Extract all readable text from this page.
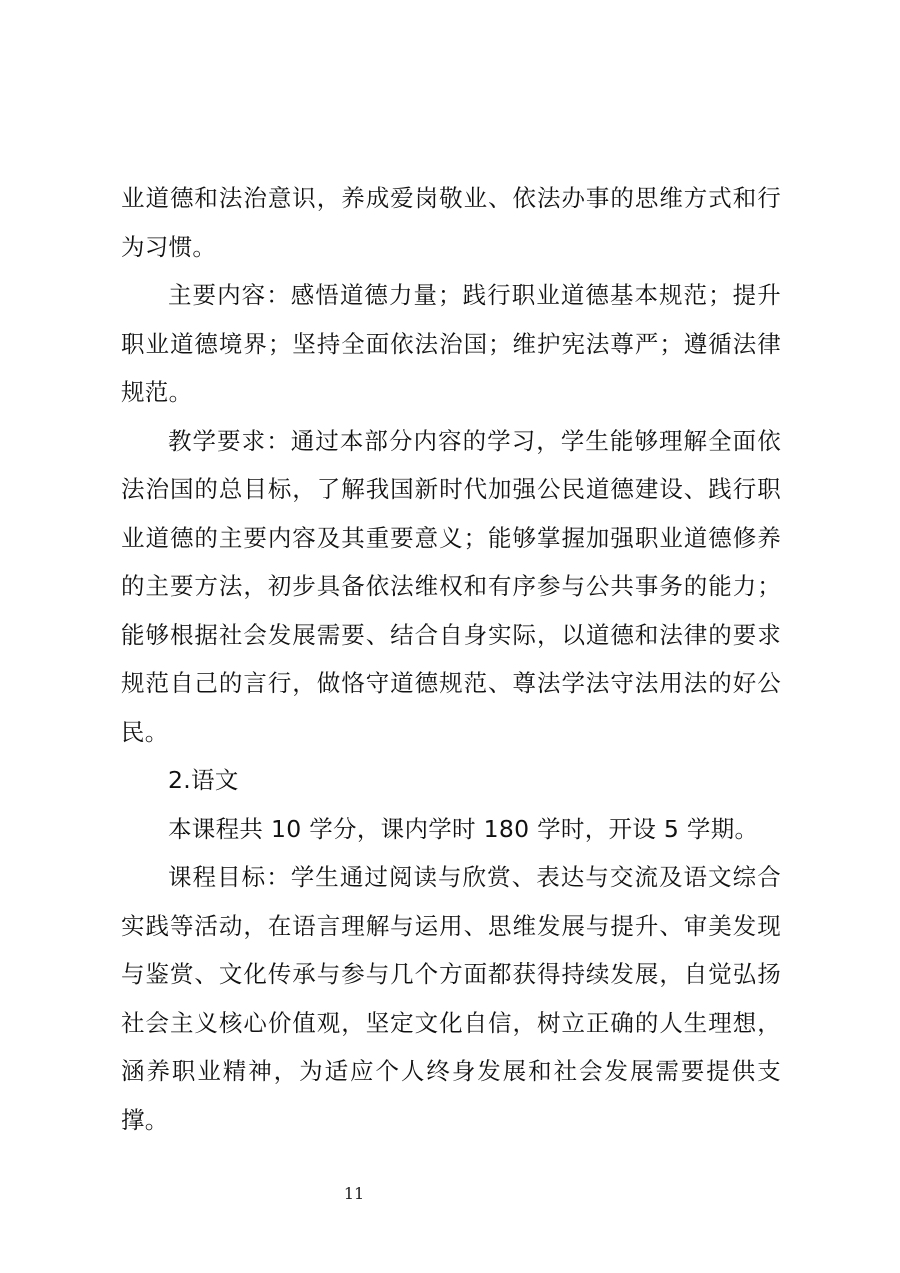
业道德和法治意识，养成爱岗敬业、依法办事的思维方式和行为习惯。

主要内容：感悟道德力量；践行职业道德基本规范；提升职业道德境界；坚持全面依法治国；维护宪法尊严；遵循法律规范。

教学要求：通过本部分内容的学习，学生能够理解全面依法治国的总目标，了解我国新时代加强公民道德建设、践行职业道德的主要内容及其重要意义；能够掌握加强职业道德修养的主要方法，初步具备依法维权和有序参与公共事务的能力；能够根据社会发展需要、结合自身实际，以道德和法律的要求规范自己的言行，做恪守道德规范、尊法学法守法用法的好公民。

2.语文

本课程共 10 学分，课内学时 180 学时，开设 5 学期。

课程目标：学生通过阅读与欣赏、表达与交流及语文综合实践等活动，在语言理解与运用、思维发展与提升、审美发现与鉴赏、文化传承与参与几个方面都获得持续发展，自觉弘扬社会主义核心价值观，坚定文化自信，树立正确的人生理想，涵养职业精神，为适应个人终身发展和社会发展需要提供支撑。

11
